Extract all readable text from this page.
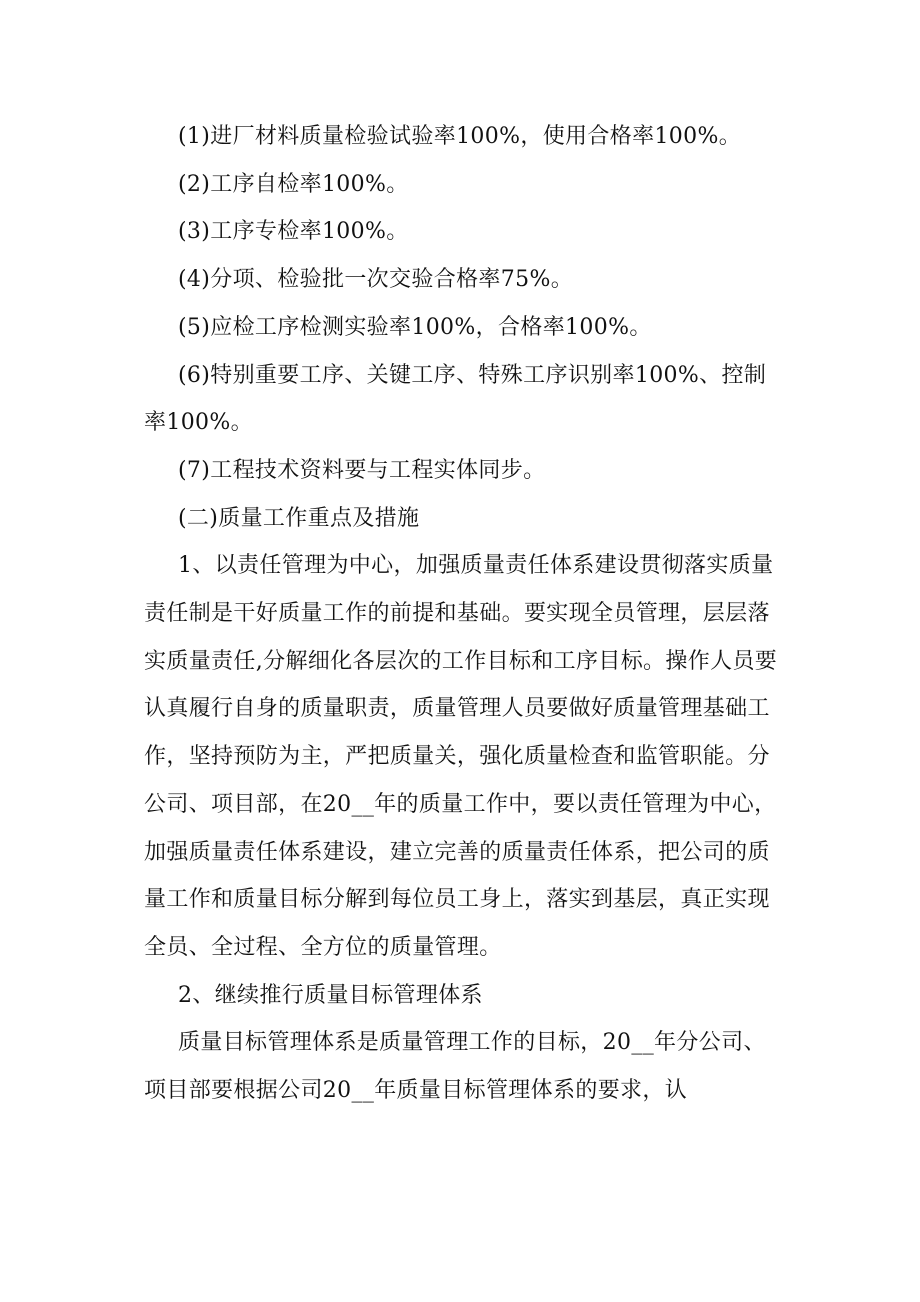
(1)进厂材料质量检验试验率100%，使用合格率100%。

(2)工序自检率100%。

(3)工序专检率100%。

(4)分项、检验批一次交验合格率75%。

(5)应检工序检测实验率100%，合格率100%。

(6)特别重要工序、关键工序、特殊工序识别率100%、控制率100%。

(7)工程技术资料要与工程实体同步。

(二)质量工作重点及措施

1、以责任管理为中心，加强质量责任体系建设贯彻落实质量责任制是干好质量工作的前提和基础。要实现全员管理，层层落实质量责任,分解细化各层次的工作目标和工序目标。操作人员要认真履行自身的质量职责，质量管理人员要做好质量管理基础工作，坚持预防为主，严把质量关，强化质量检查和监管职能。分公司、项目部，在20__年的质量工作中，要以责任管理为中心，加强质量责任体系建设，建立完善的质量责任体系，把公司的质量工作和质量目标分解到每位员工身上，落实到基层，真正实现全员、全过程、全方位的质量管理。

2、继续推行质量目标管理体系

质量目标管理体系是质量管理工作的目标，20__年分公司、项目部要根据公司20__年质量目标管理体系的要求，认
